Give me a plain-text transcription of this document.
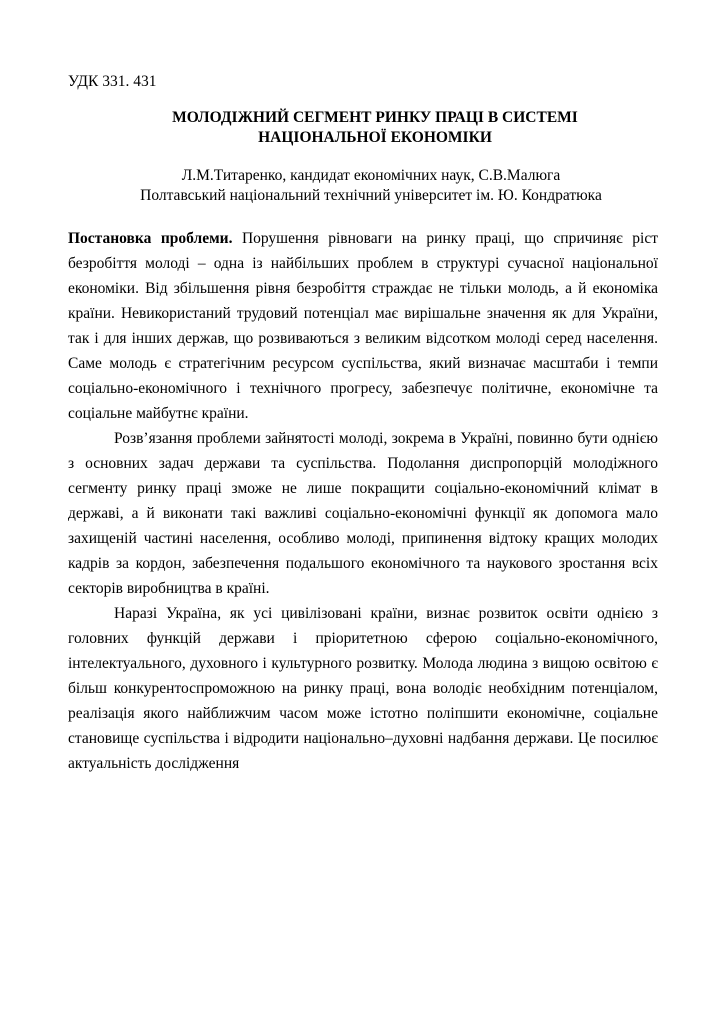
УДК 331. 431

МОЛОДІЖНИЙ СЕГМЕНТ РИНКУ ПРАЦІ В СИСТЕМІ
НАЦІОНАЛЬНОЇ ЕКОНОМІКИ
Л.М.Титаренко, кандидат економічних наук, С.В.Малюга
Полтавський національний технічний університет ім. Ю. Кондратюка

Постановка проблеми. Порушення рівноваги на ринку праці, що спричиняє ріст безробіття молоді – одна із найбільших проблем в структурі сучасної національної економіки. Від збільшення рівня безробіття страждає не тільки молодь, а й економіка країни. Невикористаний трудовий потенціал має вирішальне значення як для України, так і для інших держав, що розвиваються з великим відсотком молоді серед населення. Саме молодь є стратегічним ресурсом суспільства, який визначає масштаби і темпи соціально-економічного і технічного прогресу, забезпечує політичне, економічне та соціальне майбутнє країни.

Розв’язання проблеми зайнятості молоді, зокрема в Україні, повинно бути однією з основних задач держави та суспільства. Подолання диспропорцій молодіжного сегменту ринку праці зможе не лише покращити соціально-економічний клімат в державі, а й виконати такі важливі соціально-економічні функції як допомога мало захищеній частині населення, особливо молоді, припинення відтоку кращих молодих кадрів за кордон, забезпечення подальшого економічного та наукового зростання всіх секторів виробництва в країні.

Наразі Україна, як усі цивілізовані країни, визнає розвиток освіти однією з головних функцій держави і пріоритетною сферою соціально-економічного, інтелектуального, духовного і культурного розвитку. Молода людина з вищою освітою є більш конкурентоспроможною на ринку праці, вона володіє необхідним потенціалом, реалізація якого найближчим часом може істотно поліпшити економічне, соціальне становище суспільства і відродити національно–духовні надбання держави. Це посилює актуальність дослідження
